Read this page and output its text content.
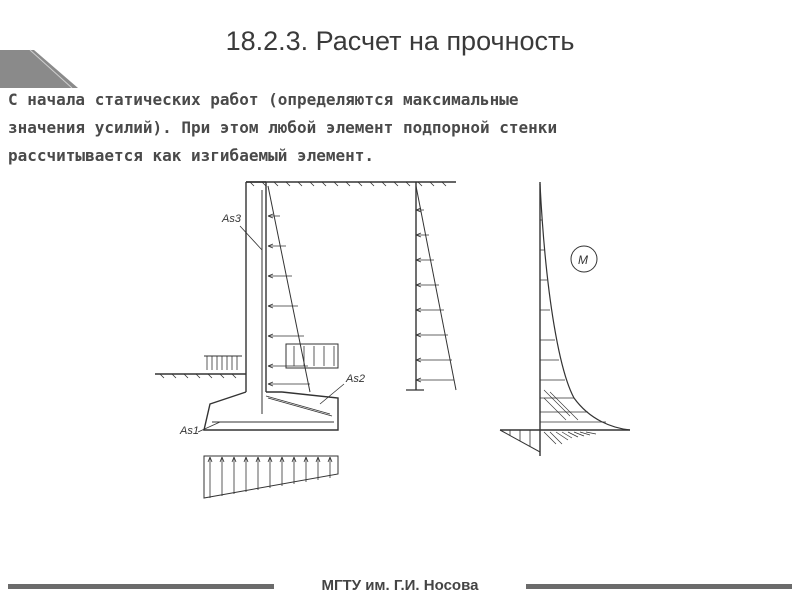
18.2.3. Расчет на прочность
С начала статических работ (определяются максимальные
значения усилий). При этом любой элемент подпорной стенки
рассчитывается как изгибаемый элемент.
As3
As2
As1
M
МГТУ им. Г.И. Носова
